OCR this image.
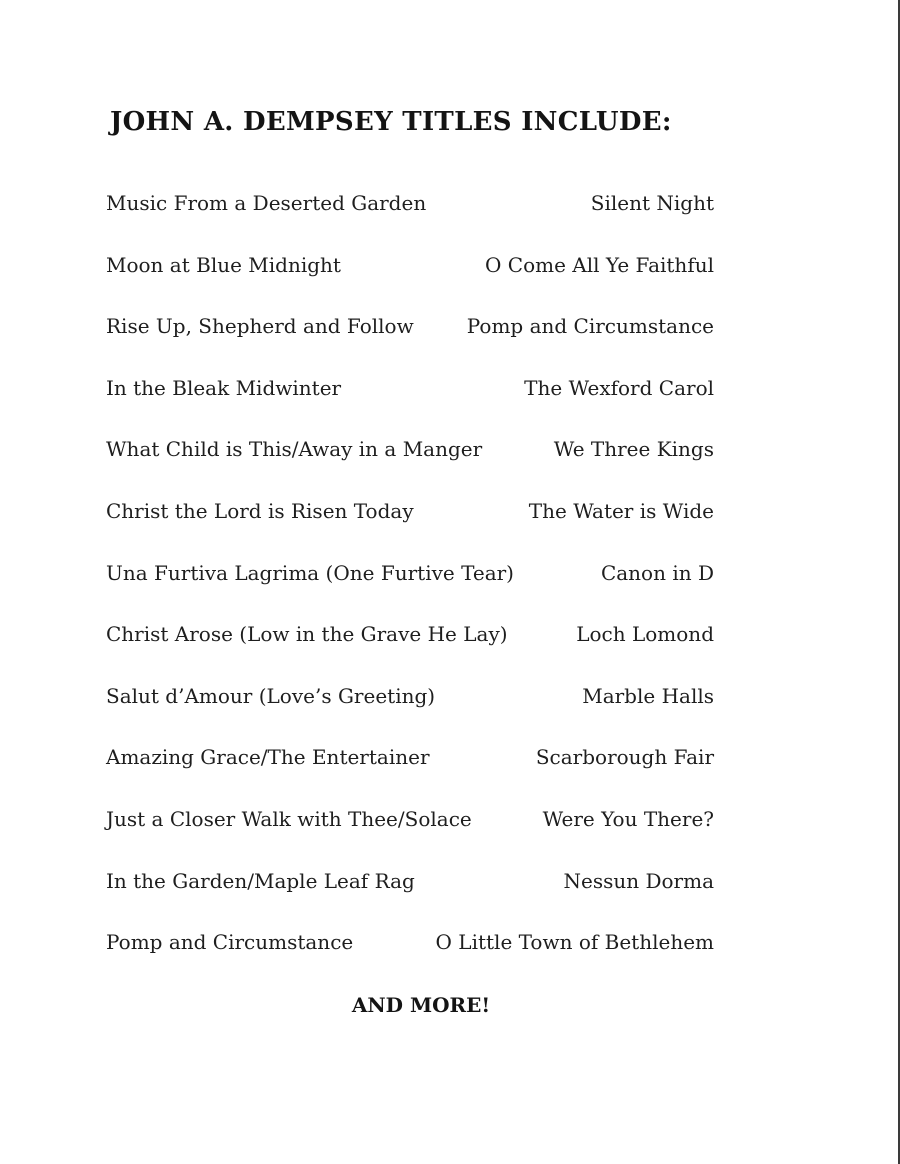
JOHN A. DEMPSEY TITLES INCLUDE:
Music From a Deserted Garden	Silent Night
Moon at Blue Midnight	O Come All Ye Faithful
Rise Up, Shepherd and Follow	Pomp and Circumstance
In the Bleak Midwinter	The Wexford Carol
What Child is This/Away in a Manger	We Three Kings
Christ the Lord is Risen Today	The Water is Wide
Una Furtiva Lagrima (One Furtive Tear)	Canon in D
Christ Arose (Low in the Grave He Lay)	Loch Lomond
Salut d’Amour (Love’s Greeting)	Marble Halls
Amazing Grace/The Entertainer	Scarborough Fair
Just a Closer Walk with Thee/Solace	Were You There?
In the Garden/Maple Leaf Rag	Nessun Dorma
Pomp and Circumstance	O Little Town of Bethlehem

AND MORE!
